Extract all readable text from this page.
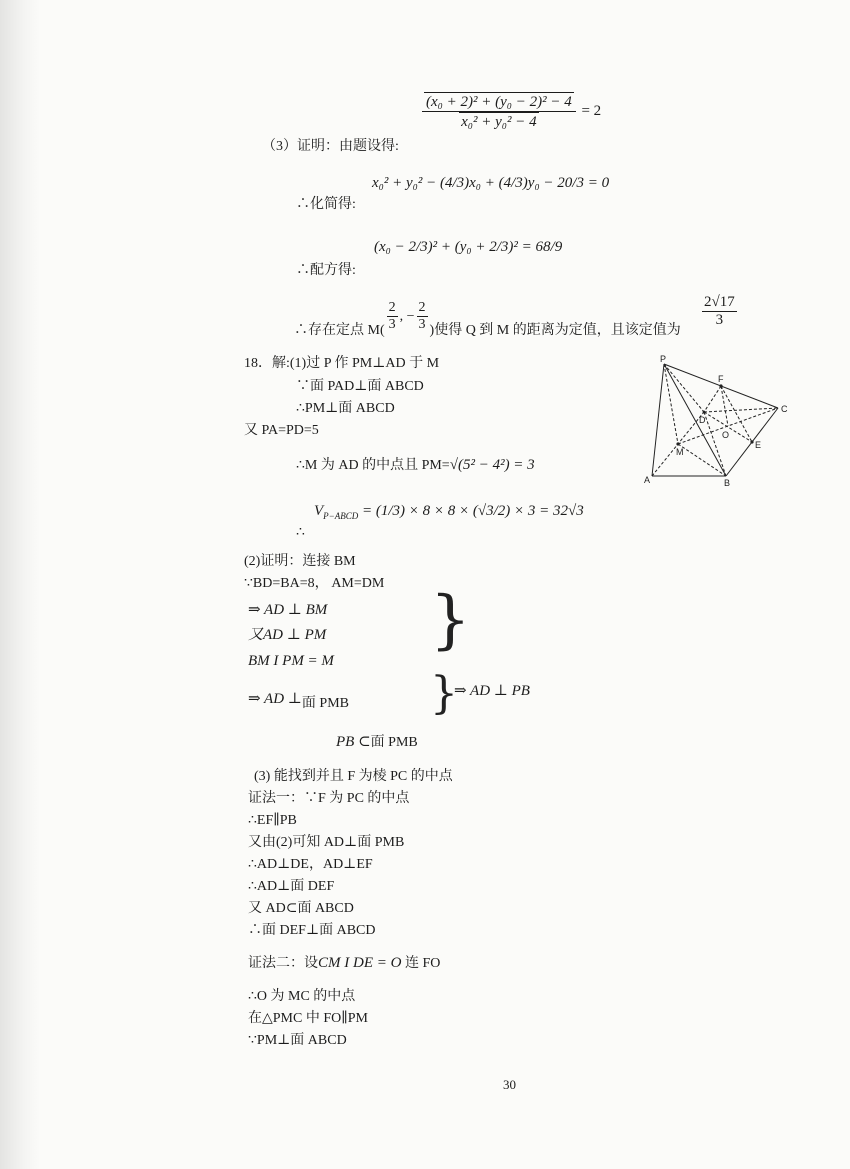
$\frac{\text{(x₀ + 2)² + (y₀ − 2)² − 4}}{\text{x₀² + y₀² − 4}} = 2$
（3）证明：由题设得:
x₀² + y₀² − (4/3)x₀ + (4/3)y₀ − 20/3 = 0
∴化简得:
(x₀ − 2/3)² + (y₀ + 2/3)² = 68/9
∴配方得:
∴存在定点 $M( \frac{2}{3}$ , − $\frac{2}{3}$ )使得 Q 到 M 的距离为定值，且该定值为
$\frac{2√17}{3}$
18．解:(1)过 P 作 PM⊥AD 于 M
∵面 PAD⊥面 ABCD
∴PM⊥面 ABCD
又 PA=PD=5
∴M 为 AD 的中点且 PM=√(5² − 4²) = 3
$V_{P-ABCD} = (1/3) \times 8 \times 8 \times (√3/2) \times 3 = 32√3$
∴
(2)证明：连接 BM
∵BD=BA=8， AM=DM
⇒ AD ⊥ BM
又AD ⊥ PM
BM I PM = M
}
⇒ AD ⊥面 PMB }
⇒ AD ⊥ PB
PB ⊂面 PMB
(3) 能找到并且 F 为棱 PC 的中点
证法一：∵F 为 PC 的中点
∴EF∥PB
又由(2)可知 AD⊥面 PMB
∴AD⊥DE，AD⊥EF
∴AD⊥面 DEF
又 AD⊂面 ABCD
∴面 DEF⊥面 ABCD
证法二：设CM I DE = O 连 FO
∴O 为 MC 的中点
在△PMC 中 FO∥PM
∵PM⊥面 ABCD
30
P
F
C
D
O
E
M
A	B
